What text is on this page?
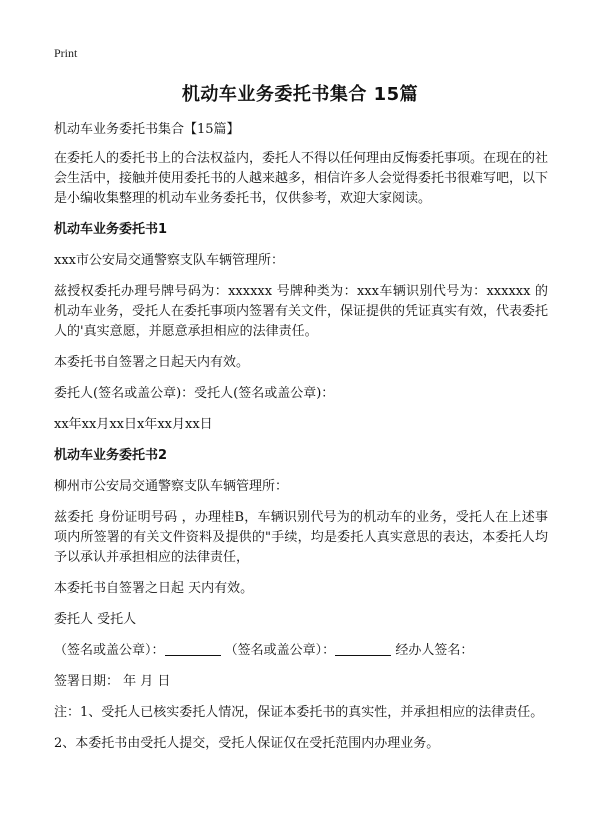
Print
机动车业务委托书集合 15篇

机动车业务委托书集合【15篇】

在委托人的委托书上的合法权益内，委托人不得以任何理由反悔委托事项。在现在的社会生活中，接触并使用委托书的人越来越多，相信许多人会觉得委托书很难写吧，以下是小编收集整理的机动车业务委托书，仅供参考，欢迎大家阅读。

机动车业务委托书1

xxx市公安局交通警察支队车辆管理所：

兹授权委托办理号牌号码为：xxxxxx 号牌种类为：xxx车辆识别代号为：xxxxxx 的机动车业务，受托人在委托事项内签署有关文件，保证提供的凭证真实有效，代表委托人的'真实意愿，并愿意承担相应的法律责任。

本委托书自签署之日起天内有效。

委托人(签名或盖公章)：受托人(签名或盖公章)：

xx年xx月xx日x年xx月xx日

机动车业务委托书2

柳州市公安局交通警察支队车辆管理所：

兹委托 身份证明号码 ，办理桂B，车辆识别代号为的机动车的业务，受托人在上述事项内所签署的有关文件资料及提供的"手续，均是委托人真实意思的表达，本委托人均予以承认并承担相应的法律责任，

本委托书自签署之日起 天内有效。

委托人 受托人

（签名或盖公章）：	（签名或盖公章）：	经办人签名：

签署日期： 年 月 日

注：1、受托人已核实委托人情况，保证本委托书的真实性，并承担相应的法律责任。

2、本委托书由受托人提交，受托人保证仅在受托范围内办理业务。
